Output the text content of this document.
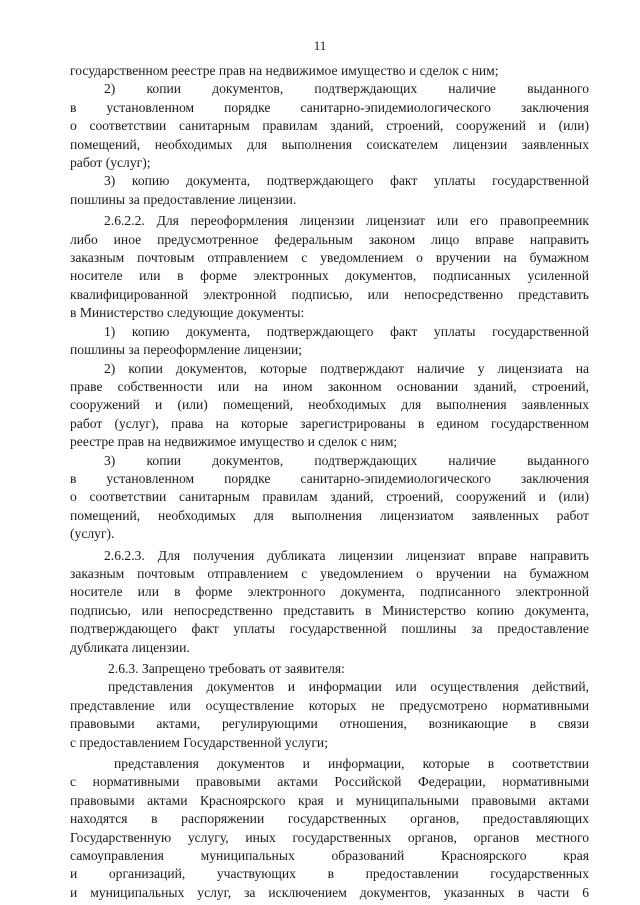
11
государственном реестре прав на недвижимое имущество и сделок с ним;
2) копии документов, подтверждающих наличие выданного
в установленном порядке санитарно-эпидемиологического заключения
о соответствии санитарным правилам зданий, строений, сооружений и (или)
помещений, необходимых для выполнения соискателем лицензии заявленных
работ (услуг);
3) копию документа, подтверждающего факт уплаты государственной
пошлины за предоставление лицензии.
2.6.2.2. Для переоформления лицензии лицензиат или его правопреемник
либо иное предусмотренное федеральным законом лицо вправе направить
заказным почтовым отправлением с уведомлением о вручении на бумажном
носителе или в форме электронных документов, подписанных усиленной
квалифицированной электронной подписью, или непосредственно представить
в Министерство следующие документы:
1) копию документа, подтверждающего факт уплаты государственной
пошлины за переоформление лицензии;
2) копии документов, которые подтверждают наличие у лицензиата на
праве собственности или на ином законном основании зданий, строений,
сооружений и (или) помещений, необходимых для выполнения заявленных
работ (услуг), права на которые зарегистрированы в едином государственном
реестре прав на недвижимое имущество и сделок с ним;
3) копии документов, подтверждающих наличие выданного
в установленном порядке санитарно-эпидемиологического заключения
о соответствии санитарным правилам зданий, строений, сооружений и (или)
помещений, необходимых для выполнения лицензиатом заявленных работ
(услуг).
2.6.2.3. Для получения дубликата лицензии лицензиат вправе направить
заказным почтовым отправлением с уведомлением о вручении на бумажном
носителе или в форме электронного документа, подписанного электронной
подписью, или непосредственно представить в Министерство копию документа,
подтверждающего факт уплаты государственной пошлины за предоставление
дубликата лицензии.
2.6.3. Запрещено требовать от заявителя:
представления документов и информации или осуществления действий,
представление или осуществление которых не предусмотрено нормативными
правовыми актами, регулирующими отношения, возникающие в связи
с предоставлением Государственной услуги;
представления документов и информации, которые в соответствии
с нормативными правовыми актами Российской Федерации, нормативными
правовыми актами Красноярского края и муниципальными правовыми актами
находятся в распоряжении государственных органов, предоставляющих
Государственную услугу, иных государственных органов, органов местного
самоуправления муниципальных образований Красноярского края
и организаций, участвующих в предоставлении государственных
и муниципальных услуг, за исключением документов, указанных в части 6
